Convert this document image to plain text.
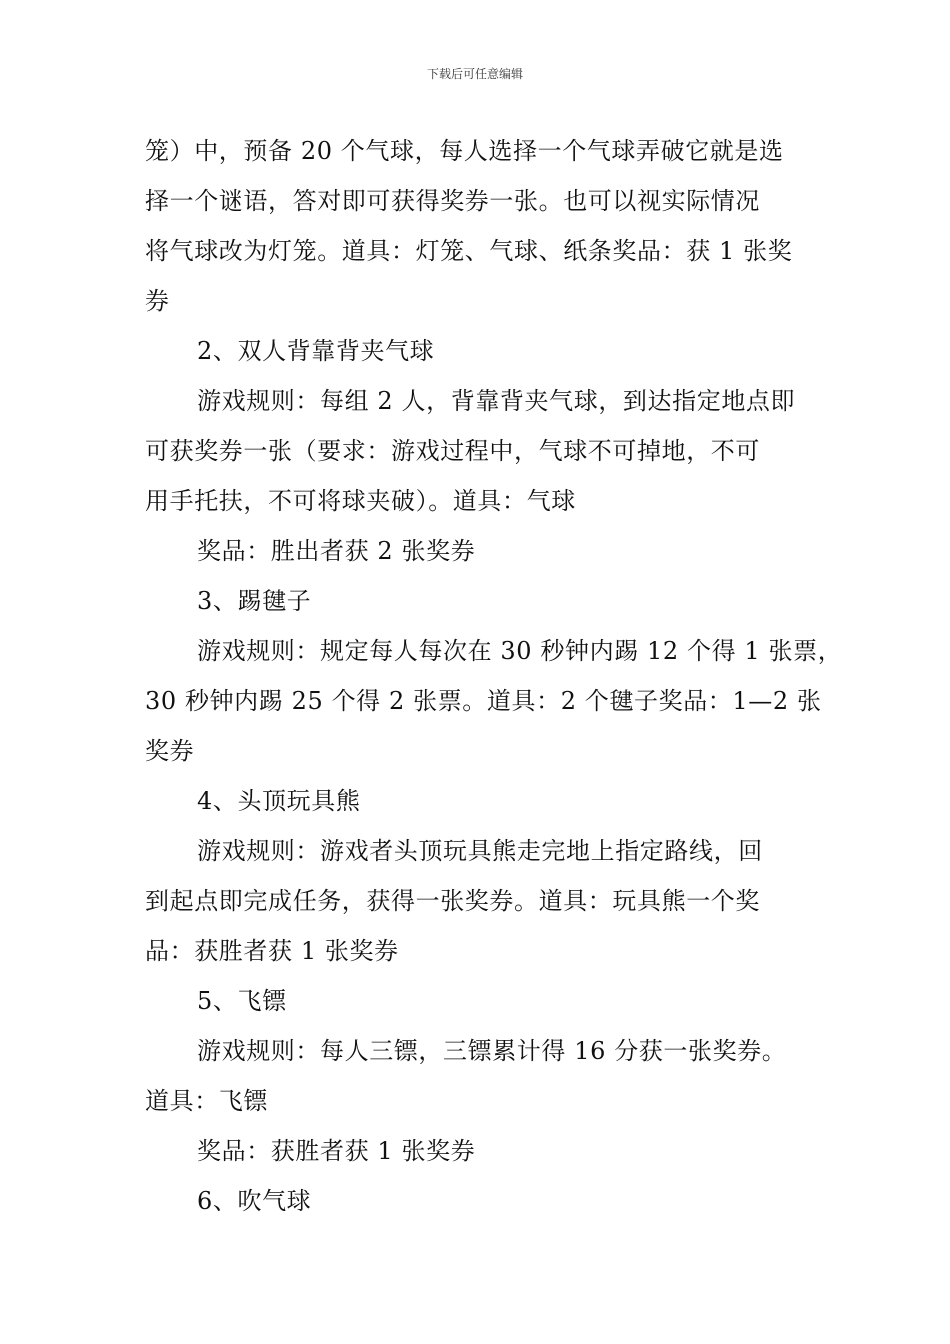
下载后可任意编辑

笼）中，预备 20 个气球，每人选择一个气球弄破它就是选

择一个谜语，答对即可获得奖券一张。也可以视实际情况

将气球改为灯笼。道具：灯笼、气球、纸条奖品：获 1 张奖

券

2、双人背靠背夹气球

游戏规则：每组 2 人，背靠背夹气球，到达指定地点即

可获奖券一张（要求：游戏过程中，气球不可掉地，不可

用手托扶，不可将球夹破）。道具：气球

奖品：胜出者获 2 张奖券

3、踢毽子

游戏规则：规定每人每次在 30 秒钟内踢 12 个得 1 张票，

30 秒钟内踢 25 个得 2 张票。道具：2 个毽子奖品：1—2 张

奖券

4、头顶玩具熊

游戏规则：游戏者头顶玩具熊走完地上指定路线，回

到起点即完成任务，获得一张奖券。道具：玩具熊一个奖

品：获胜者获 1 张奖券

5、飞镖

游戏规则：每人三镖，三镖累计得 16 分获一张奖券。

道具：飞镖

奖品：获胜者获 1 张奖券

6、吹气球
